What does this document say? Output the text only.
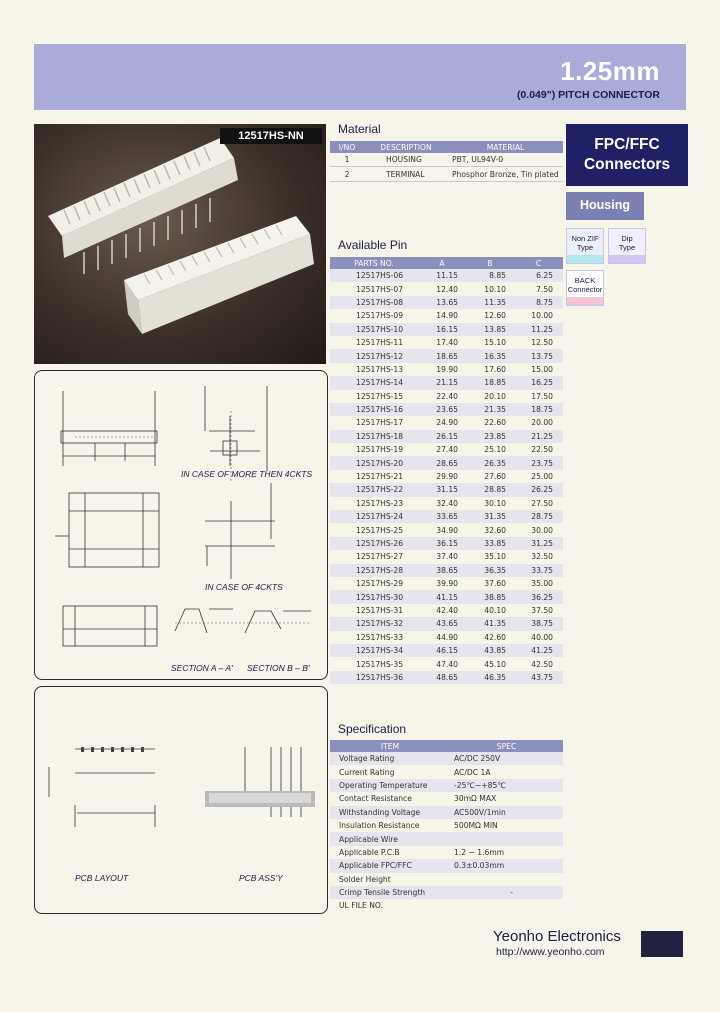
1.25mm
(0.049") PITCH CONNECTOR
12517HS-NN	Material
I/NO	DESCRIPTION	MATERIAL
1	HOUSING	PBT, UL94V-0
2	TERMINAL	Phosphor Bronze, Tin plated
Available Pin
PARTS NO.	A	B	C
12517HS-06	11.15	8.85	6.25
12517HS-07	12.40	10.10	7.50
12517HS-08	13.65	11.35	8.75
12517HS-09	14.90	12.60	10.00
12517HS-10	16.15	13.85	11.25
12517HS-11	17.40	15.10	12.50
12517HS-12	18.65	16.35	13.75
12517HS-13	19.90	17.60	15.00
12517HS-14	21.15	18.85	16.25
12517HS-15	22.40	20.10	17.50
12517HS-16	23.65	21.35	18.75
12517HS-17	24.90	22.60	20.00
12517HS-18	26.15	23.85	21.25
12517HS-19	27.40	25.10	22.50
12517HS-20	28.65	26.35	23.75
12517HS-21	29.90	27.60	25.00
12517HS-22	31.15	28.85	26.25
12517HS-23	32.40	30.10	27.50
12517HS-24	33.65	31.35	28.75
12517HS-25	34.90	32.60	30.00
12517HS-26	36.15	33.85	31.25
12517HS-27	37.40	35.10	32.50
12517HS-28	38.65	36.35	33.75
12517HS-29	39.90	37.60	35.00
12517HS-30	41.15	38.85	36.25
12517HS-31	42.40	40.10	37.50
12517HS-32	43.65	41.35	38.75
12517HS-33	44.90	42.60	40.00
12517HS-34	46.15	43.85	41.25
12517HS-35	47.40	45.10	42.50
12517HS-36	48.65	46.35	43.75
FPC/FFC
Connectors
Housing
Non ZIF
Type
Dip
Type
BACK
Connector
IN CASE OF MORE THEN 4CKTS
IN CASE OF 4CKTS
SECTION A – A' SECTION B – B'
PCB LAYOUT	PCB ASS'Y
Specification
ITEM	SPEC
Voltage Rating	AC/DC 250V
Current Rating	AC/DC 1A
Operating Temperature	-25℃~+85℃
Contact Resistance	30mΩ MAX
Withstanding Voltage	AC500V/1min
Insulation Resistance	500MΩ MIN
Applicable Wire	
Applicable P.C.B	1.2 ~ 1.6mm
Applicable FPC/FFC	0.3±0.03mm
Solder Height	
Crimp Tensile Strength	-
UL FILE NO.	
Yeonho Electronics
http://www.yeonho.com
